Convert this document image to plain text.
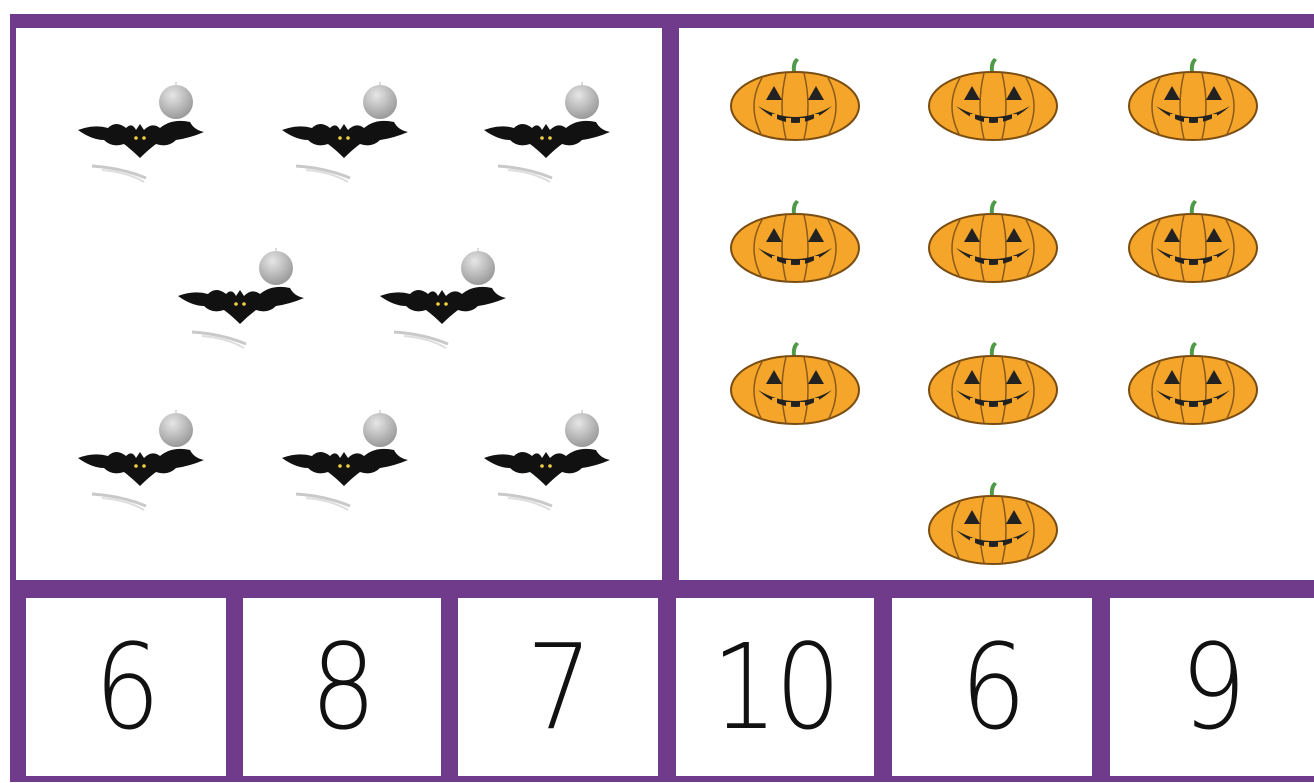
6 8 7 10 6 9
